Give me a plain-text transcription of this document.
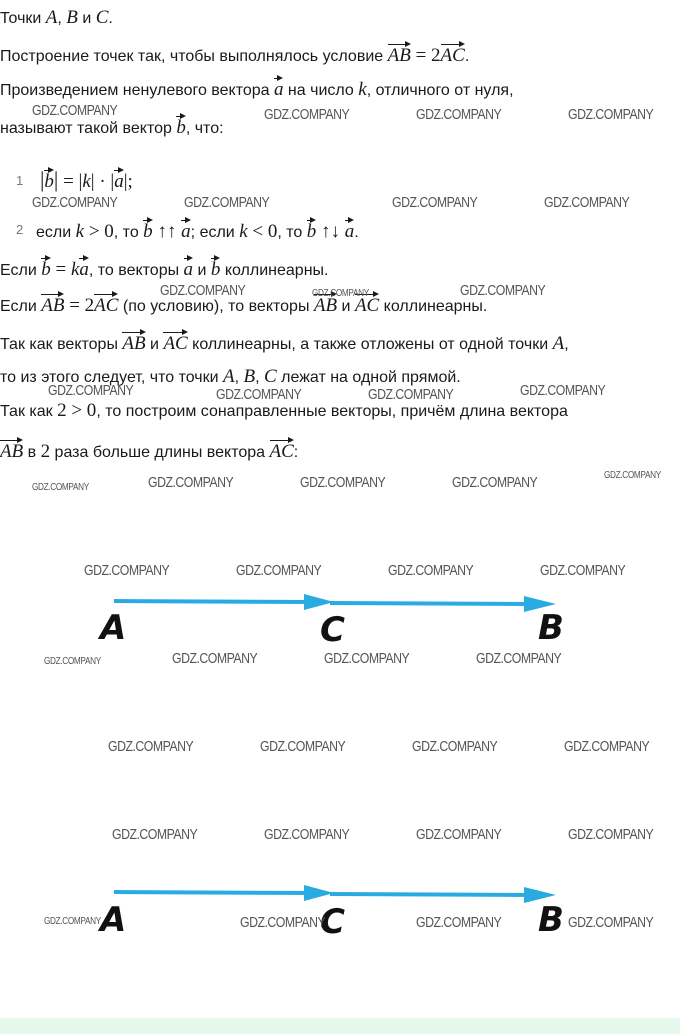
Точки A, B и C.
Построение точек так, чтобы выполнялось условие AB = 2AC.
Произведением ненулевого вектора a на число k, отличного от нуля,
называют такой вектор b, что:
1 |b| = |k| · |a|;
2 если k > 0, то b ↑↑ a; если k < 0, то b ↑↓ a.
Если b = ka, то векторы a и b коллинеарны.
Если AB = 2AC (по условию), то векторы AB и AC коллинеарны.
Так как векторы AB и AC коллинеарны, а также отложены от одной точки A,
то из этого следует, что точки A, B, C лежат на одной прямой.
Так как 2 > 0, то построим сонаправленные векторы, причём длина вектора
AB в 2 раза больше длины вектора AC:
A	C	B
A	C	B
GDZ.COMPANY	GDZ.COMPANY	GDZ.COMPANY	GDZ.COMPANY
GDZ.COMPANY	GDZ.COMPANY	GDZ.COMPANY	GDZ.COMPANY
GDZ.COMPANY	GDZ.COMPANY	GDZ.COMPANY
GDZ.COMPANY	GDZ.COMPANY	GDZ.COMPANY	GDZ.COMPANY
GDZ.COMPANY	GDZ.COMPANY	GDZ.COMPANY	GDZ.COMPANY	GDZ.COMPANY
GDZ.COMPANY	GDZ.COMPANY	GDZ.COMPANY	GDZ.COMPANY
GDZ.COMPANY	GDZ.COMPANY	GDZ.COMPANY	GDZ.COMPANY
GDZ.COMPANY	GDZ.COMPANY	GDZ.COMPANY	GDZ.COMPANY
GDZ.COMPANY	GDZ.COMPANY	GDZ.COMPANY	GDZ.COMPANY
GDZ.COMPANY	GDZ.COMPANY	GDZ.COMPANY	GDZ.COMPANY
